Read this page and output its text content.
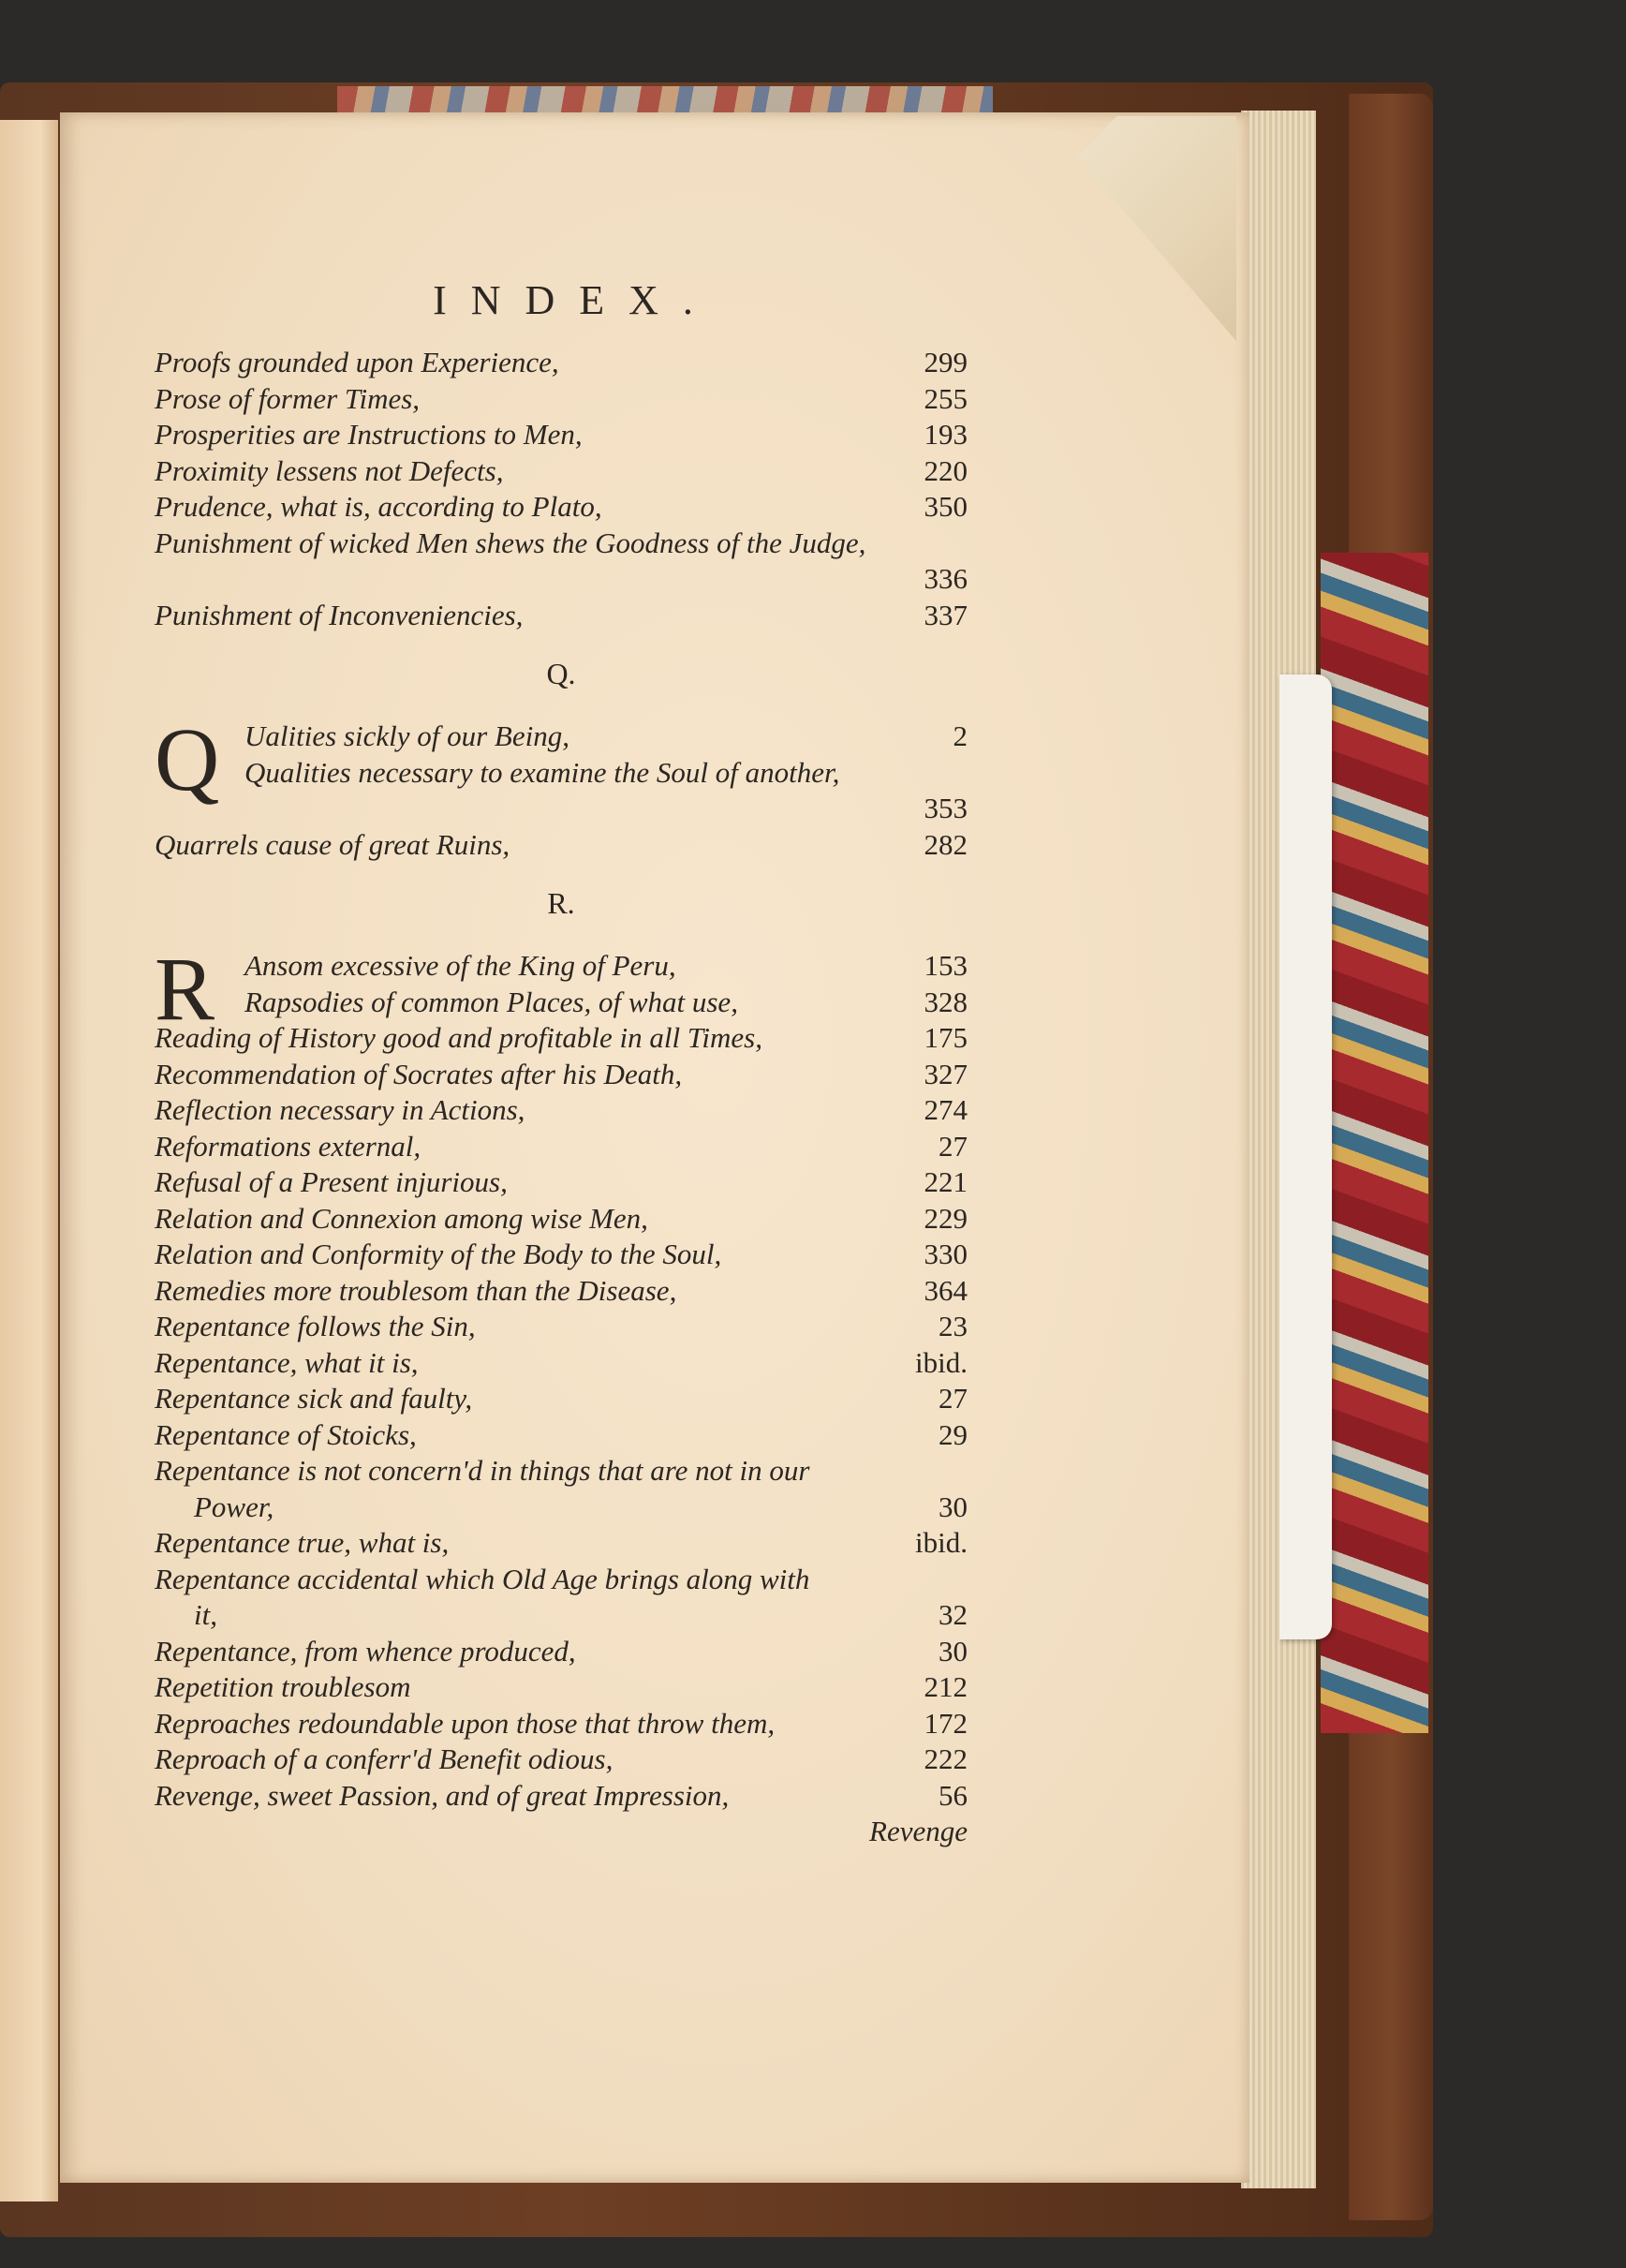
INDEX.
Proofs grounded upon Experience,	299
Prose of former Times,	255
Prosperities are Instructions to Men,	193
Proximity lessens not Defects,	220
Prudence, what is, according to Plato,	350
Punishment of wicked Men shews the Goodness of the Judge,
336
Punishment of Inconveniencies,	337
Q.
Q Ualities sickly of our Being,	2
Qualities necessary to examine the Soul of another,
353
Quarrels cause of great Ruins,	282
R.
R	Ansom excessive of the King of Peru,	153
Rapsodies of common Places, of what use,	328
Reading of History good and profitable in all Times,	175
Recommendation of Socrates after his Death,	327
Reflection necessary in Actions,	274
Reformations external,	27
Refusal of a Present injurious,	221
Relation and Connexion among wise Men,	229
Relation and Conformity of the Body to the Soul,	330
Remedies more troublesom than the Disease,	364
Repentance follows the Sin,	23
Repentance, what it is,	ibid.
Repentance sick and faulty,	27
Repentance of Stoicks,	29
Repentance is not concern'd in things that are not in our
Power,	30
Repentance true, what is,	ibid.
Repentance accidental which Old Age brings along with
it,	32
Repentance, from whence produced,	30
Repetition troublesom	212
Reproaches redoundable upon those that throw them,	172
Reproach of a conferr'd Benefit odious,	222
Revenge, sweet Passion, and of great Impression,	56
Revenge
